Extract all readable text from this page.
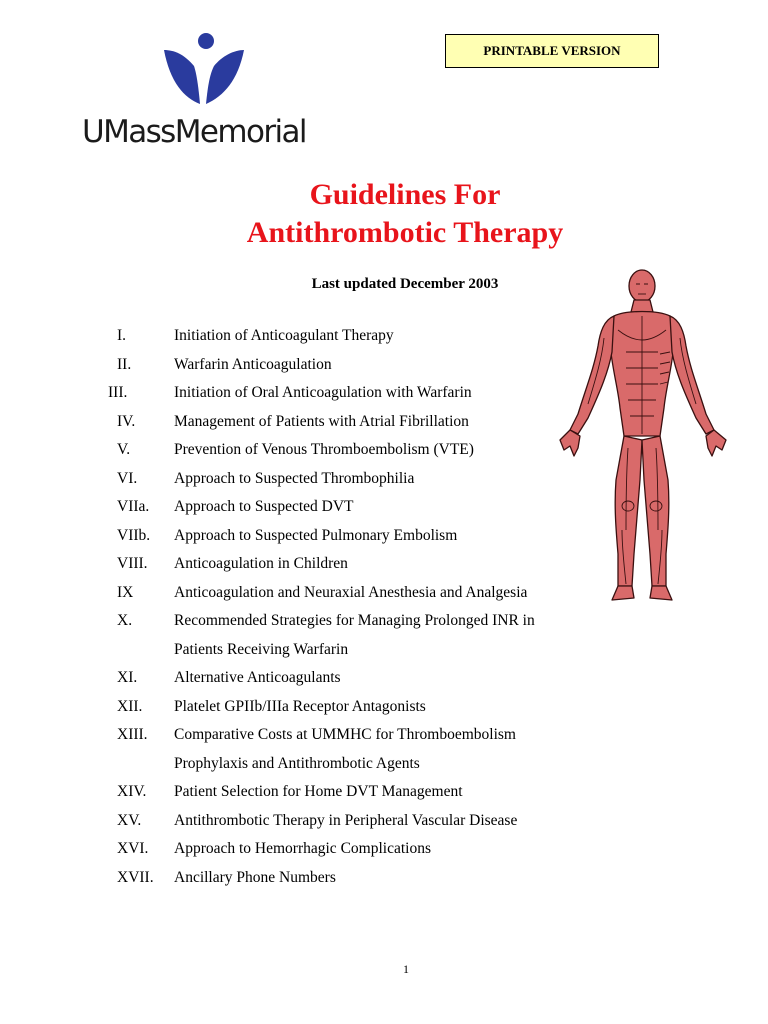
UMassMemorial
PRINTABLE VERSION
Guidelines For
Antithrombotic Therapy
Last updated December 2003
I.	Initiation of Anticoagulant Therapy
II.	Warfarin Anticoagulation
III.	Initiation of Oral Anticoagulation with Warfarin
IV.	Management of Patients with Atrial Fibrillation
V.	Prevention of Venous Thromboembolism (VTE)
VI.	Approach to Suspected Thrombophilia
VIIa.	Approach to Suspected DVT
VIIb.	Approach to Suspected Pulmonary Embolism
VIII.	Anticoagulation in Children
IX	Anticoagulation and Neuraxial Anesthesia and Analgesia
X.	Recommended Strategies for Managing Prolonged INR in
Patients Receiving Warfarin
XI.	Alternative Anticoagulants
XII.	Platelet GPIIb/IIIa Receptor Antagonists
XIII.	Comparative Costs at UMMHC for Thromboembolism
Prophylaxis and Antithrombotic Agents
XIV.	Patient Selection for Home DVT Management
XV.	Antithrombotic Therapy in Peripheral Vascular Disease
XVI.	Approach to Hemorrhagic Complications
XVII.	Ancillary Phone Numbers
1
